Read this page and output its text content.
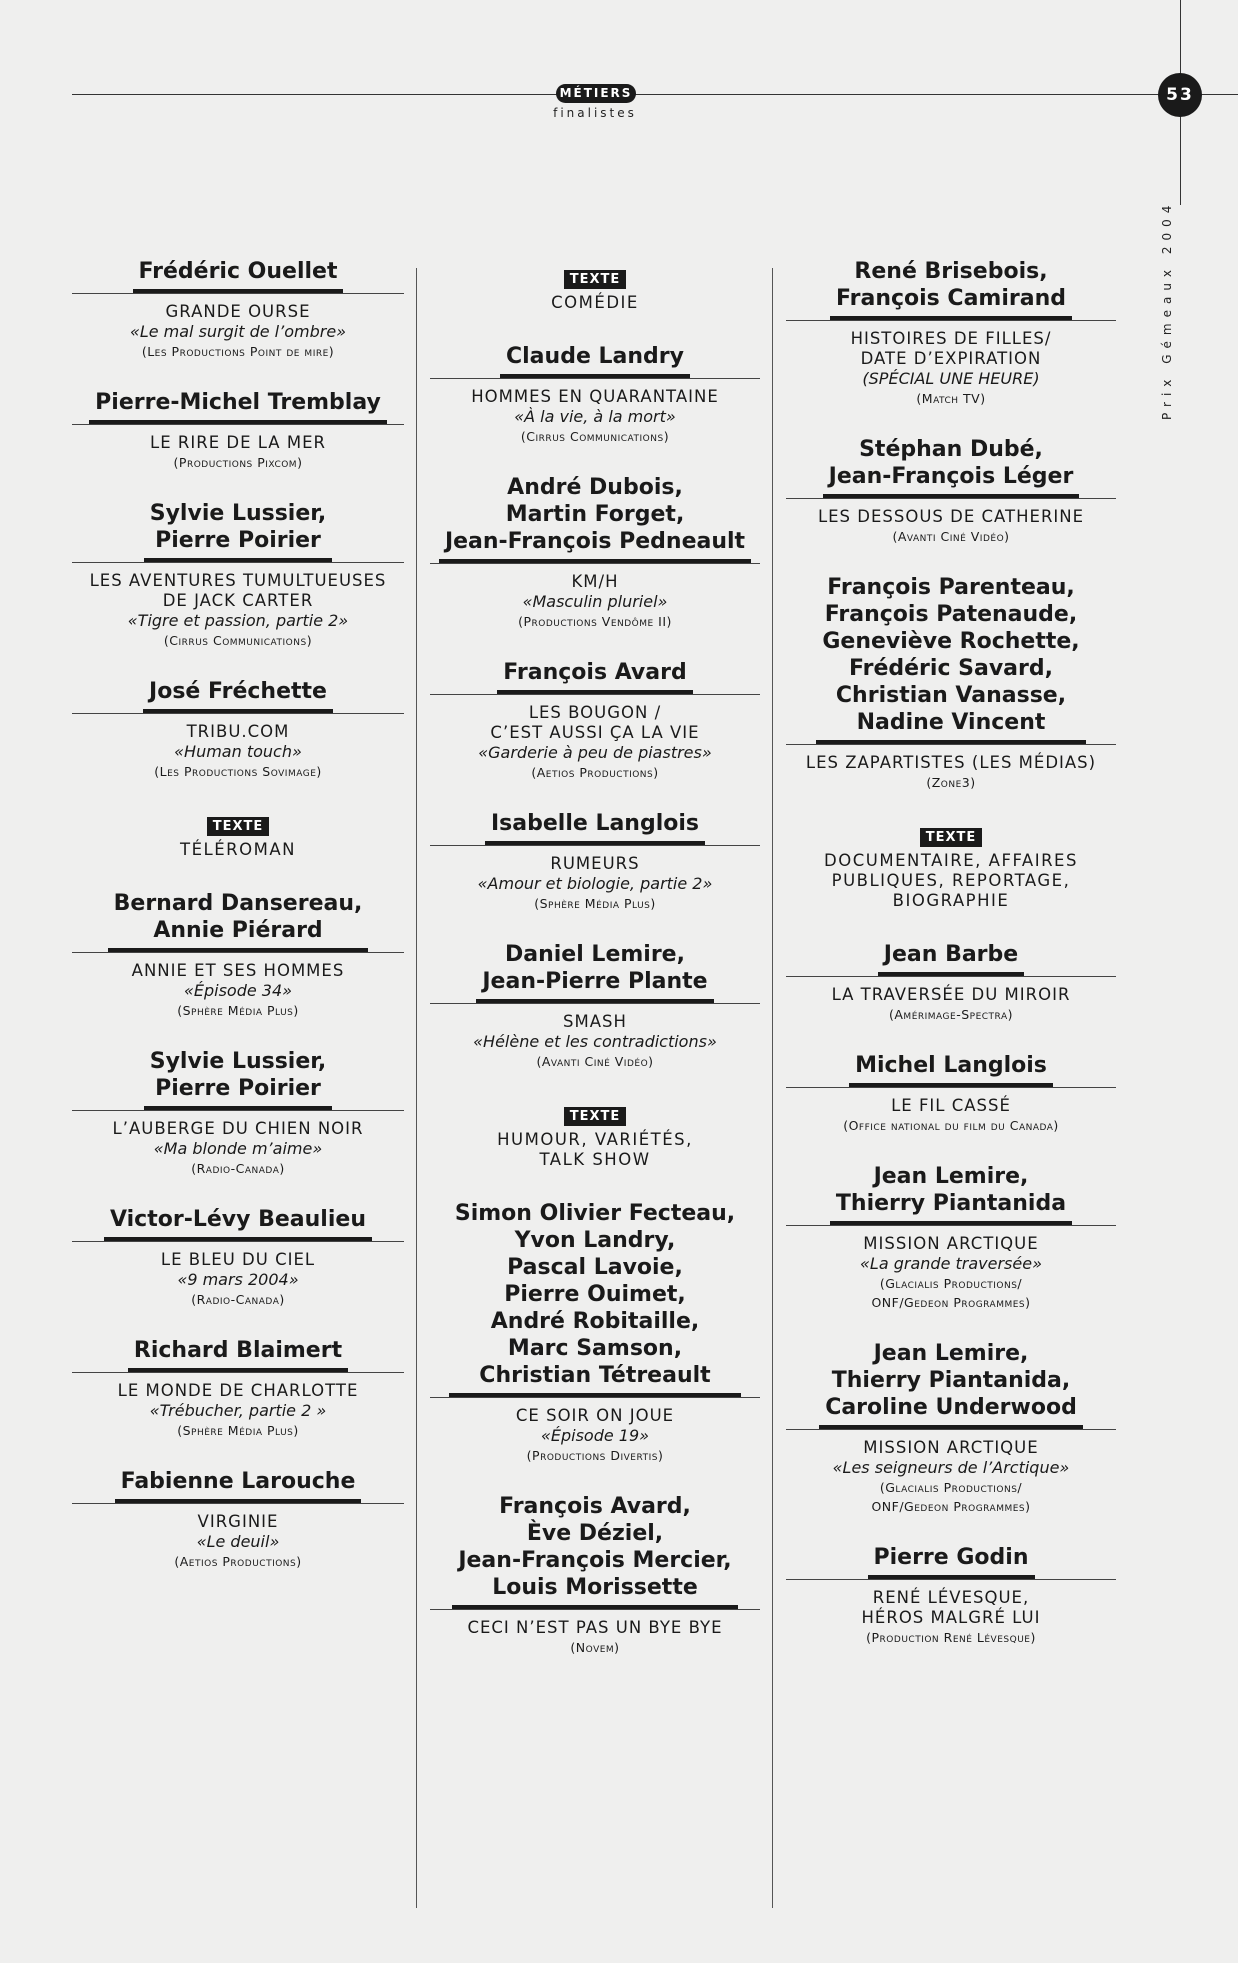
MÉTIERS
finalistes
53
Prix Gémeaux 2004
Frédéric Ouellet
GRANDE OURSE
«Le mal surgit de l’ombre»
(Les Productions Point de mire)
Pierre-Michel Tremblay
LE RIRE DE LA MER
(Productions Pixcom)
Sylvie Lussier,
Pierre Poirier
LES AVENTURES TUMULTUEUSES
DE JACK CARTER
«Tigre et passion, partie 2»
(Cirrus Communications)
José Fréchette
TRIBU.COM
«Human touch»
(Les Productions Sovimage)
TEXTE
TÉLÉROMAN
Bernard Dansereau,
Annie Piérard
ANNIE ET SES HOMMES
«Épisode 34»
(Sphère Média Plus)
Sylvie Lussier,
Pierre Poirier
L’AUBERGE DU CHIEN NOIR
«Ma blonde m’aime»
(Radio-Canada)
Victor-Lévy Beaulieu
LE BLEU DU CIEL
«9 mars 2004»
(Radio-Canada)
Richard Blaimert
LE MONDE DE CHARLOTTE
«Trébucher, partie 2 »
(Sphère Média Plus)
Fabienne Larouche
VIRGINIE
«Le deuil»
(Aetios Productions)
TEXTE
COMÉDIE
Claude Landry
HOMMES EN QUARANTAINE
«À la vie, à la mort»
(Cirrus Communications)
André Dubois,
Martin Forget,
Jean-François Pedneault
KM/H
«Masculin pluriel»
(Productions Vendôme II)
François Avard
LES BOUGON /
C’EST AUSSI ÇA LA VIE
«Garderie à peu de piastres»
(Aetios Productions)
Isabelle Langlois
RUMEURS
«Amour et biologie, partie 2»
(Sphère Média Plus)
Daniel Lemire,
Jean-Pierre Plante
SMASH
«Hélène et les contradictions»
(Avanti Ciné Vidéo)
TEXTE
HUMOUR, VARIÉTÉS,
TALK SHOW
Simon Olivier Fecteau,
Yvon Landry,
Pascal Lavoie,
Pierre Ouimet,
André Robitaille,
Marc Samson,
Christian Tétreault
CE SOIR ON JOUE
«Épisode 19»
(Productions Divertis)
François Avard,
Ève Déziel,
Jean-François Mercier,
Louis Morissette
CECI N’EST PAS UN BYE BYE
(Novem)
René Brisebois,
François Camirand
HISTOIRES DE FILLES/
DATE D’EXPIRATION
(SPÉCIAL UNE HEURE)
(Match TV)
Stéphan Dubé,
Jean-François Léger
LES DESSOUS DE CATHERINE
(Avanti Ciné Vidéo)
François Parenteau,
François Patenaude,
Geneviève Rochette,
Frédéric Savard,
Christian Vanasse,
Nadine Vincent
LES ZAPARTISTES (LES MÉDIAS)
(Zone3)
TEXTE
DOCUMENTAIRE, AFFAIRES
PUBLIQUES, REPORTAGE,
BIOGRAPHIE
Jean Barbe
LA TRAVERSÉE DU MIROIR
(Amérimage-Spectra)
Michel Langlois
LE FIL CASSÉ
(Office national du film du Canada)
Jean Lemire,
Thierry Piantanida
MISSION ARCTIQUE
«La grande traversée»
(Glacialis Productions/
ONF/Gedeon Programmes)
Jean Lemire,
Thierry Piantanida,
Caroline Underwood
MISSION ARCTIQUE
«Les seigneurs de l’Arctique»
(Glacialis Productions/
ONF/Gedeon Programmes)
Pierre Godin
RENÉ LÉVESQUE,
HÉROS MALGRÉ LUI
(Production René Lévesque)
